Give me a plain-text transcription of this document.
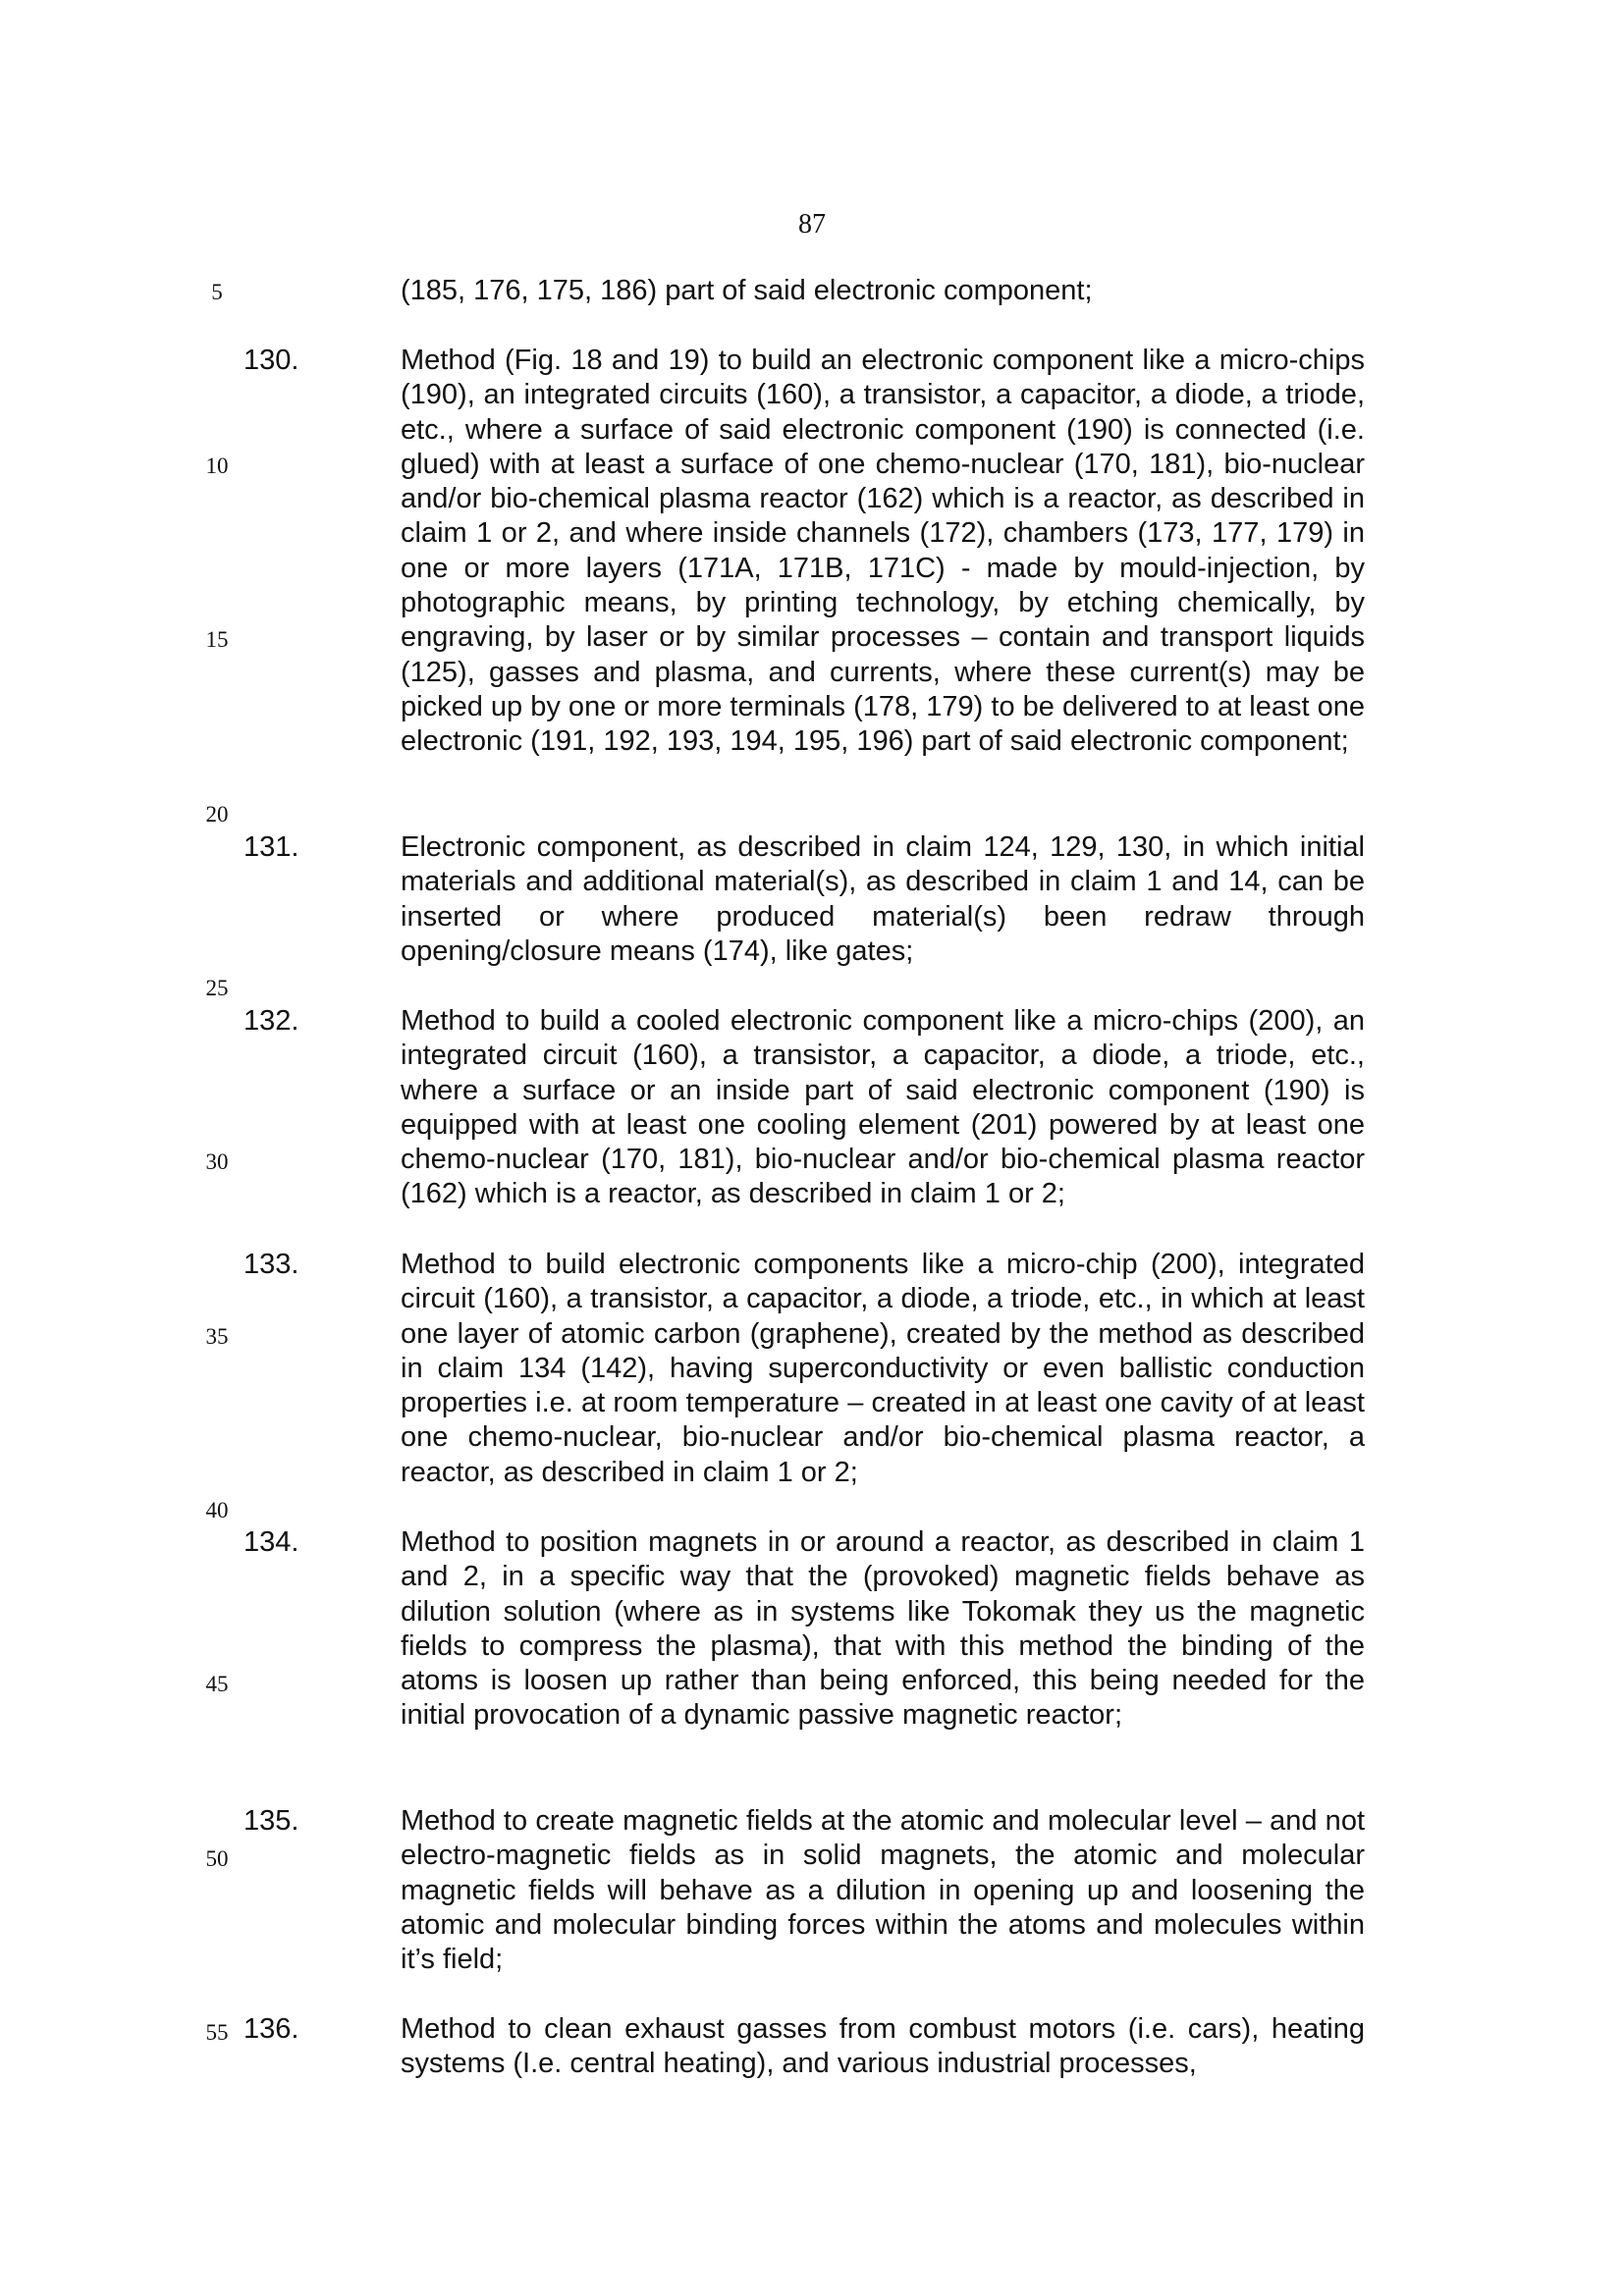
87
5
10
15
20
25
30
35
40
45
50
55

(185, 176, 175, 186) part of said electronic component;

130.	Method (Fig. 18 and 19) to build an electronic component like a micro-chips (190), an integrated circuits (160), a transistor, a capacitor, a diode, a triode, etc., where a surface of said electronic component (190) is connected (i.e. glued) with at least a surface of one chemo-nuclear (170, 181), bio-nuclear and/or bio-chemical plasma reactor (162) which is a reactor, as described in claim 1 or 2, and where inside channels (172), chambers (173, 177, 179) in one or more layers (171A, 171B, 171C) - made by mould-injection, by photographic means, by printing technology, by etching chemically, by engraving, by laser or by similar processes – contain and transport liquids (125), gasses and plasma, and currents, where these current(s) may be picked up by one or more terminals (178, 179) to be delivered to at least one electronic (191, 192, 193, 194, 195, 196) part of said electronic component;

131.	Electronic component, as described in claim 124, 129, 130, in which initial materials and additional material(s), as described in claim 1 and 14, can be inserted or where produced material(s) been redraw through opening/closure means (174), like gates;

132.	Method to build a cooled electronic component like a micro-chips (200), an integrated circuit (160), a transistor, a capacitor, a diode, a triode, etc., where a surface or an inside part of said electronic component (190) is equipped with at least one cooling element (201) powered by at least one chemo-nuclear (170, 181), bio-nuclear and/or bio-chemical plasma reactor (162) which is a reactor, as described in claim 1 or 2;

133.	Method to build electronic components like a micro-chip (200), integrated circuit (160), a transistor, a capacitor, a diode, a triode, etc., in which at least one layer of atomic carbon (graphene), created by the method as described in claim 134 (142), having superconductivity or even ballistic conduction properties i.e. at room temperature – created in at least one cavity of at least one chemo-nuclear, bio-nuclear and/or bio-chemical plasma reactor, a reactor, as described in claim 1 or 2;

134.	Method to position magnets in or around a reactor, as described in claim 1 and 2, in a specific way that the (provoked) magnetic fields behave as dilution solution (where as in systems like Tokomak they us the magnetic fields to compress the plasma), that with this method the binding of the atoms is loosen up rather than being enforced, this being needed for the initial provocation of a dynamic passive magnetic reactor;

135.	Method to create magnetic fields at the atomic and molecular level – and not electro-magnetic fields as in solid magnets, the atomic and molecular magnetic fields will behave as a dilution in opening up and loosening the atomic and molecular binding forces within the atoms and molecules within it’s field;

136.	Method to clean exhaust gasses from combust motors (i.e. cars), heating systems (I.e. central heating), and various industrial processes,
